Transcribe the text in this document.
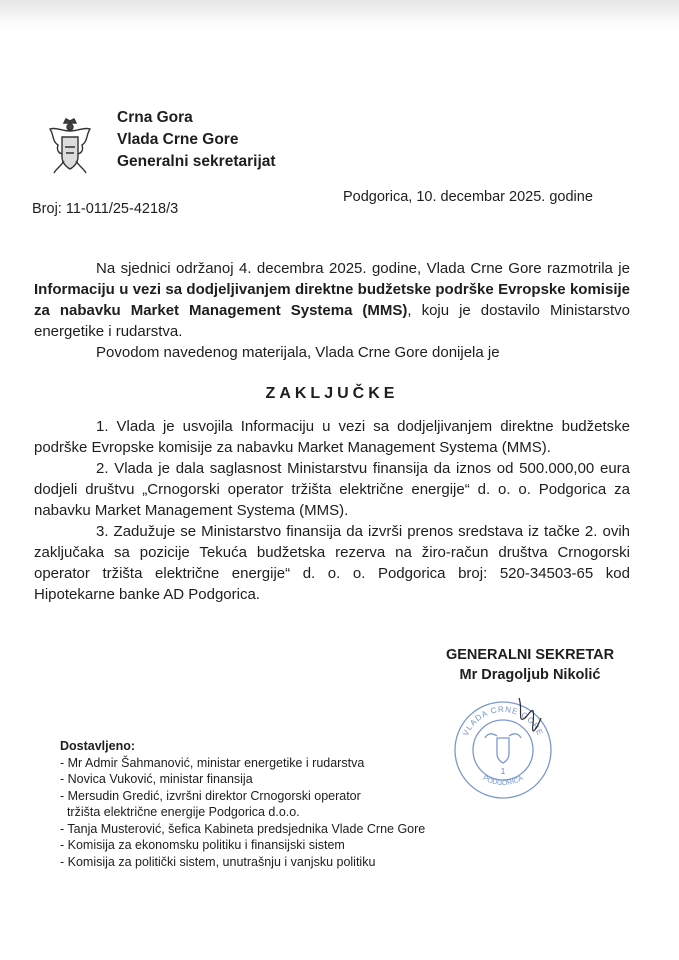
Crna Gora
Vlada Crne Gore
Generalni sekretarijat
Broj: 11-011/25-4218/3
Podgorica, 10. decembar 2025. godine

Na sjednici održanoj 4. decembra 2025. godine, Vlada Crne Gore razmotrila je Informaciju u vezi sa dodjeljivanjem direktne budžetske podrške Evropske komisije za nabavku Market Management Systema (MMS), koju je dostavilo Ministarstvo energetike i rudarstva.

Povodom navedenog materijala, Vlada Crne Gore donijela je

ZAKLJUČKE

1. Vlada je usvojila Informaciju u vezi sa dodjeljivanjem direktne budžetske podrške Evropske komisije za nabavku Market Management Systema (MMS).

2. Vlada je dala saglasnost Ministarstvu finansija da iznos od 500.000,00 eura dodjeli društvu „Crnogorski operator tržišta električne energije“ d. o. o. Podgorica za nabavku Market Management Systema (MMS).

3. Zadužuje se Ministarstvo finansija da izvrši prenos sredstava iz tačke 2. ovih zaključaka sa pozicije Tekuća budžetska rezerva na žiro-račun društva Crnogorski operator tržišta električne energije“ d. o. o. Podgorica broj: 520-34503-65 kod Hipotekarne banke AD Podgorica.

GENERALNI SEKRETAR
Mr Dragoljub Nikolić
VLADA CRNE GORE
1
PODGORICA
Dostavljeno:
- Mr Admir Šahmanović, ministar energetike i rudarstva
- Novica Vuković, ministar finansija
- Mersudin Gredić, izvršni direktor Crnogorski operator
tržišta električne energije Podgorica d.o.o.
- Tanja Musterović, šefica Kabineta predsjednika Vlade Crne Gore
- Komisija za ekonomsku politiku i finansijski sistem
- Komisija za politički sistem, unutrašnju i vanjsku politiku
